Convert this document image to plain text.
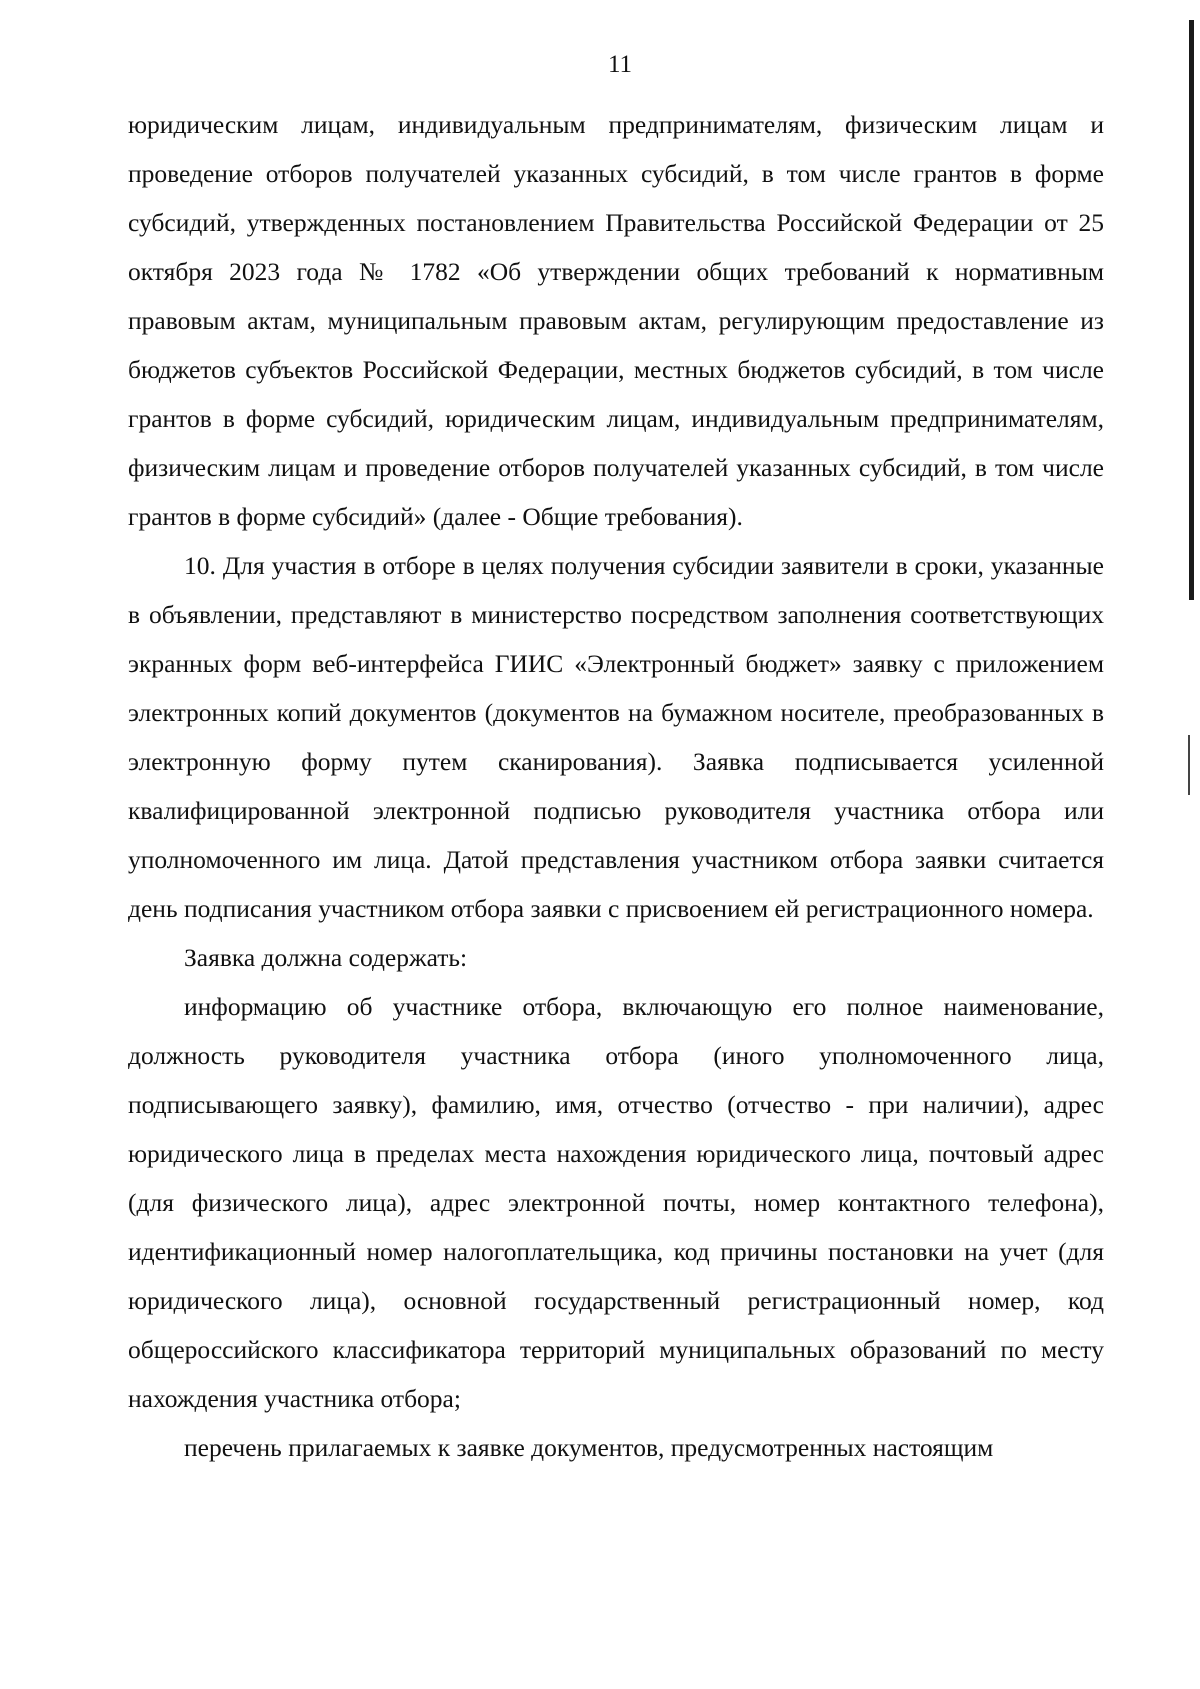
11

юридическим лицам, индивидуальным предпринимателям, физическим лицам и проведение отборов получателей указанных субсидий, в том числе грантов в форме субсидий, утвержденных постановлением Правительства Российской Федерации от 25 октября 2023 года № 1782 «Об утверждении общих требований к нормативным правовым актам, муниципальным правовым актам, регулирующим предоставление из бюджетов субъектов Российской Федерации, местных бюджетов субсидий, в том числе грантов в форме субсидий, юридическим лицам, индивидуальным предпринимателям, физическим лицам и проведение отборов получателей указанных субсидий, в том числе грантов в форме субсидий» (далее - Общие требования).

10. Для участия в отборе в целях получения субсидии заявители в сроки, указанные в объявлении, представляют в министерство посредством заполнения соответствующих экранных форм веб-интерфейса ГИИС «Электронный бюджет» заявку с приложением электронных копий документов (документов на бумажном носителе, преобразованных в электронную форму путем сканирования). Заявка подписывается усиленной квалифицированной электронной подписью руководителя участника отбора или уполномоченного им лица. Датой представления участником отбора заявки считается день подписания участником отбора заявки с присвоением ей регистрационного номера.

Заявка должна содержать:

информацию об участнике отбора, включающую его полное наименование, должность руководителя участника отбора (иного уполномоченного лица, подписывающего заявку), фамилию, имя, отчество (отчество - при наличии), адрес юридического лица в пределах места нахождения юридического лица, почтовый адрес (для физического лица), адрес электронной почты, номер контактного телефона), идентификационный номер налогоплательщика, код причины постановки на учет (для юридического лица), основной государственный регистрационный номер, код общероссийского классификатора территорий муниципальных образований по месту нахождения участника отбора;

перечень прилагаемых к заявке документов, предусмотренных настоящим
